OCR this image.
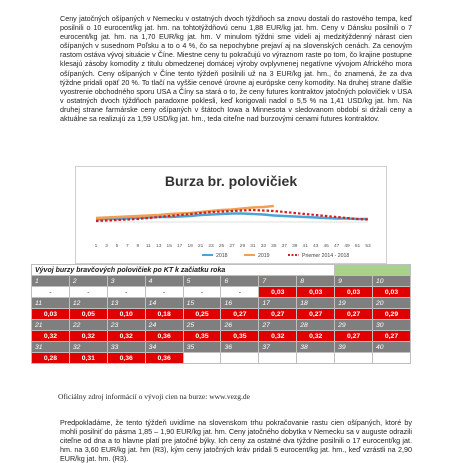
Ceny jatočných ošípaných v Nemecku v ostatných dvoch týždňoch sa znovu dostali do rastového tempa, keď posilnili o 10 eurocent/kg jat. hm. na tohtotýždňovú cenu 1,88 EUR/kg jat. hm. Ceny v Dánsku posilnili o 7 eurocent/kg jat. hm. na 1,70 EUR/kg jat. hm. V minulom týždni sme videli aj medzitýždenný nárast cien ošípaných v susednom Poľsku a to o 4 %, čo sa nepochybne prejaví aj na slovenských cenách. Za cenovým rastom ostáva vývoj situácie v Číne. Miestne ceny tu pokračujú vo výraznom raste po tom, čo krajine postupne klesajú zásoby komodity z titulu obmedzenej domácej výroby ovplyvnenej negatívne vývojom Afrického mora ošípaných. Ceny ošípaných v Číne tento týždeň posilnili už na 3 EUR/kg jat. hm., čo znamená, že za dva týždne pridali opäť 20 %. To tlačí na vyššie cenové úrovne aj európske ceny komodity. Na druhej strane ďalšie vyostrenie obchodného sporu USA a Číny sa stará o to, že ceny futures kontraktov jatočných polovičiek v USA v ostatných dvoch týždňoch paradoxne poklesli, keď korigovali nadol o 5,5 % na 1,41 USD/kg jat. hm. Na druhej strane farmárske ceny ošípaných v štátoch Iowa a Minnesota v sledovanom období si držali ceny a aktuálne sa realizujú za 1,59 USD/kg jat. hm., teda citeľne nad burzovými cenami futures kontraktov.

Burza br. polovičiek
1 3 5 7 9 11 13 15 17 19 21 23 25 27 29 31 33 35 37 39 41 43 45 47 49 51 53
2018	2019	Priemer 2014 - 2018
Vývoj burzy bravčových polovičiek po KT k začiatku roka									
1	2	3	4	5	6	7	8	9	10
-	-	-	-	-	-	0,03	0,03	0,03	0,03
11	12	13	14	15	16	17	18	19	20
0,03	0,05	0,10	0,18	0,25	0,27	0,27	0,27	0,27	0,29
21	22	23	24	25	26	27	28	29	30
0,32	0,32	0,32	0,36	0,35	0,35	0,32	0,32	0,27	0,27
31	32	33	34	35	36	37	38	39	40
0,28	0,31	0,36	0,36						
Oficiálny zdroj informácií o vývoji cien na burze: www.vezg.de

Predpokladáme, že tento týždeň uvidíme na slovenskom trhu pokračovanie rastu cien ošípaných, ktoré by mohli posilniť do pásma 1,85 – 1,90 EUR/kg jat. hm. Ceny jatočného dobytka v Nemecku sa v auguste odrazili citeľne od dna a to hlavne platí pre jatočné býky. Ich ceny za ostatné dva týždne posilnili o 17 eurocent/kg jat. hm. na 3,60 EUR/kg jat. hm (R3), kým ceny jatočných kráv pridali 5 eurocent/kg jat. hm., keď vzrástli na 2,90 EUR/kg jat. hm. (R3).
